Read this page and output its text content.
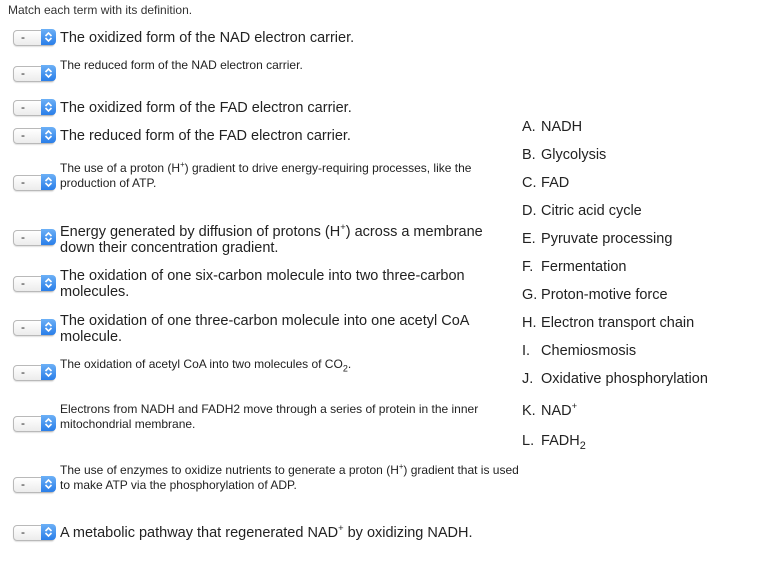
Match each term with its definition.
- The oxidized form of the NAD electron carrier.
-
The reduced form of the NAD electron carrier.
- The oxidized form of the FAD electron carrier.
- The reduced form of the FAD electron carrier.
-
The use of a proton (H+) gradient to drive energy-requiring processes, like the production of ATP.
- Energy generated by diffusion of protons (H+) across a membrane down their concentration gradient.
- The oxidation of one six-carbon molecule into two three-carbon molecules.
- The oxidation of one three-carbon molecule into one acetyl CoA molecule.
-
The oxidation of acetyl CoA into two molecules of $CO_2$.
-
Electrons from NADH and FADH2 move through a series of protein in the inner mitochondrial membrane.
-
The use of enzymes to oxidize nutrients to generate a proton (H+) gradient that is used to make ATP via the phosphorylation of ADP.
- A metabolic pathway that regenerated NAD+ by oxidizing NADH.
A. NADH
B. Glycolysis
C. FAD
D. Citric acid cycle
E. Pyruvate processing
F. Fermentation
G. Proton-motive force
H. Electron transport chain
I. Chemiosmosis
J. Oxidative phosphorylation
K. NAD+
L. $FADH_2$
